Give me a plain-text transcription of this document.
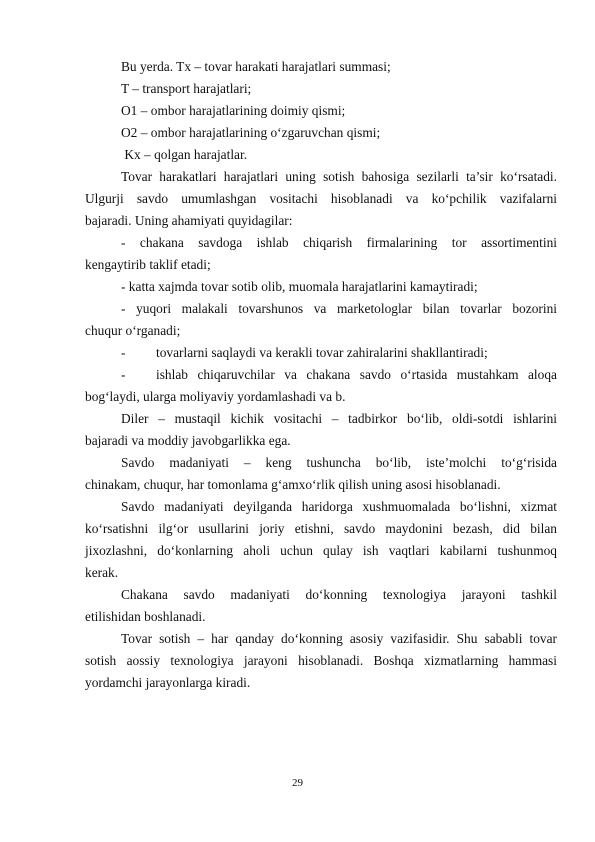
Bu yerda. Tx – tovar harakati harajatlari summasi;
T – transport harajatlari;
O1 – ombor harajatlarining doimiy qismi;
O2 – ombor harajatlarining o‘zgaruvchan qismi;
Kx – qolgan harajatlar.
Tovar harakatlari harajatlari uning sotish bahosiga sezilarli ta’sir ko‘rsatadi.
Ulgurji savdo umumlashgan vositachi hisoblanadi va ko‘pchilik vazifalarni
bajaradi. Uning ahamiyati quyidagilar:
- chakana savdoga ishlab chiqarish firmalarining tor assortimentini
kengaytirib taklif etadi;
- katta xajmda tovar sotib olib, muomala harajatlarini kamaytiradi;
- yuqori malakali tovarshunos va marketologlar bilan tovarlar bozorini
chuqur o‘rganadi;
- tovarlarni saqlaydi va kerakli tovar zahiralarini shakllantiradi;
- ishlab chiqaruvchilar va chakana savdo o‘rtasida mustahkam aloqa
bog‘laydi, ularga moliyaviy yordamlashadi va b.
Diler – mustaqil kichik vositachi – tadbirkor bo‘lib, oldi-sotdi ishlarini
bajaradi va moddiy javobgarlikka ega.
Savdo madaniyati – keng tushuncha bo‘lib, iste’molchi to‘g‘risida
chinakam, chuqur, har tomonlama g‘amxo‘rlik qilish uning asosi hisoblanadi.
Savdo madaniyati deyilganda haridorga xushmuomalada bo‘lishni, xizmat
ko‘rsatishni ilg‘or usullarini joriy etishni, savdo maydonini bezash, did bilan
jixozlashni, do‘konlarning aholi uchun qulay ish vaqtlari kabilarni tushunmoq
kerak.
Chakana savdo madaniyati do‘konning texnologiya jarayoni tashkil
etilishidan boshlanadi.
Tovar sotish – har qanday do‘konning asosiy vazifasidir. Shu sababli tovar
sotish aossiy texnologiya jarayoni hisoblanadi. Boshqa xizmatlarning hammasi
yordamchi jarayonlarga kiradi.
29
